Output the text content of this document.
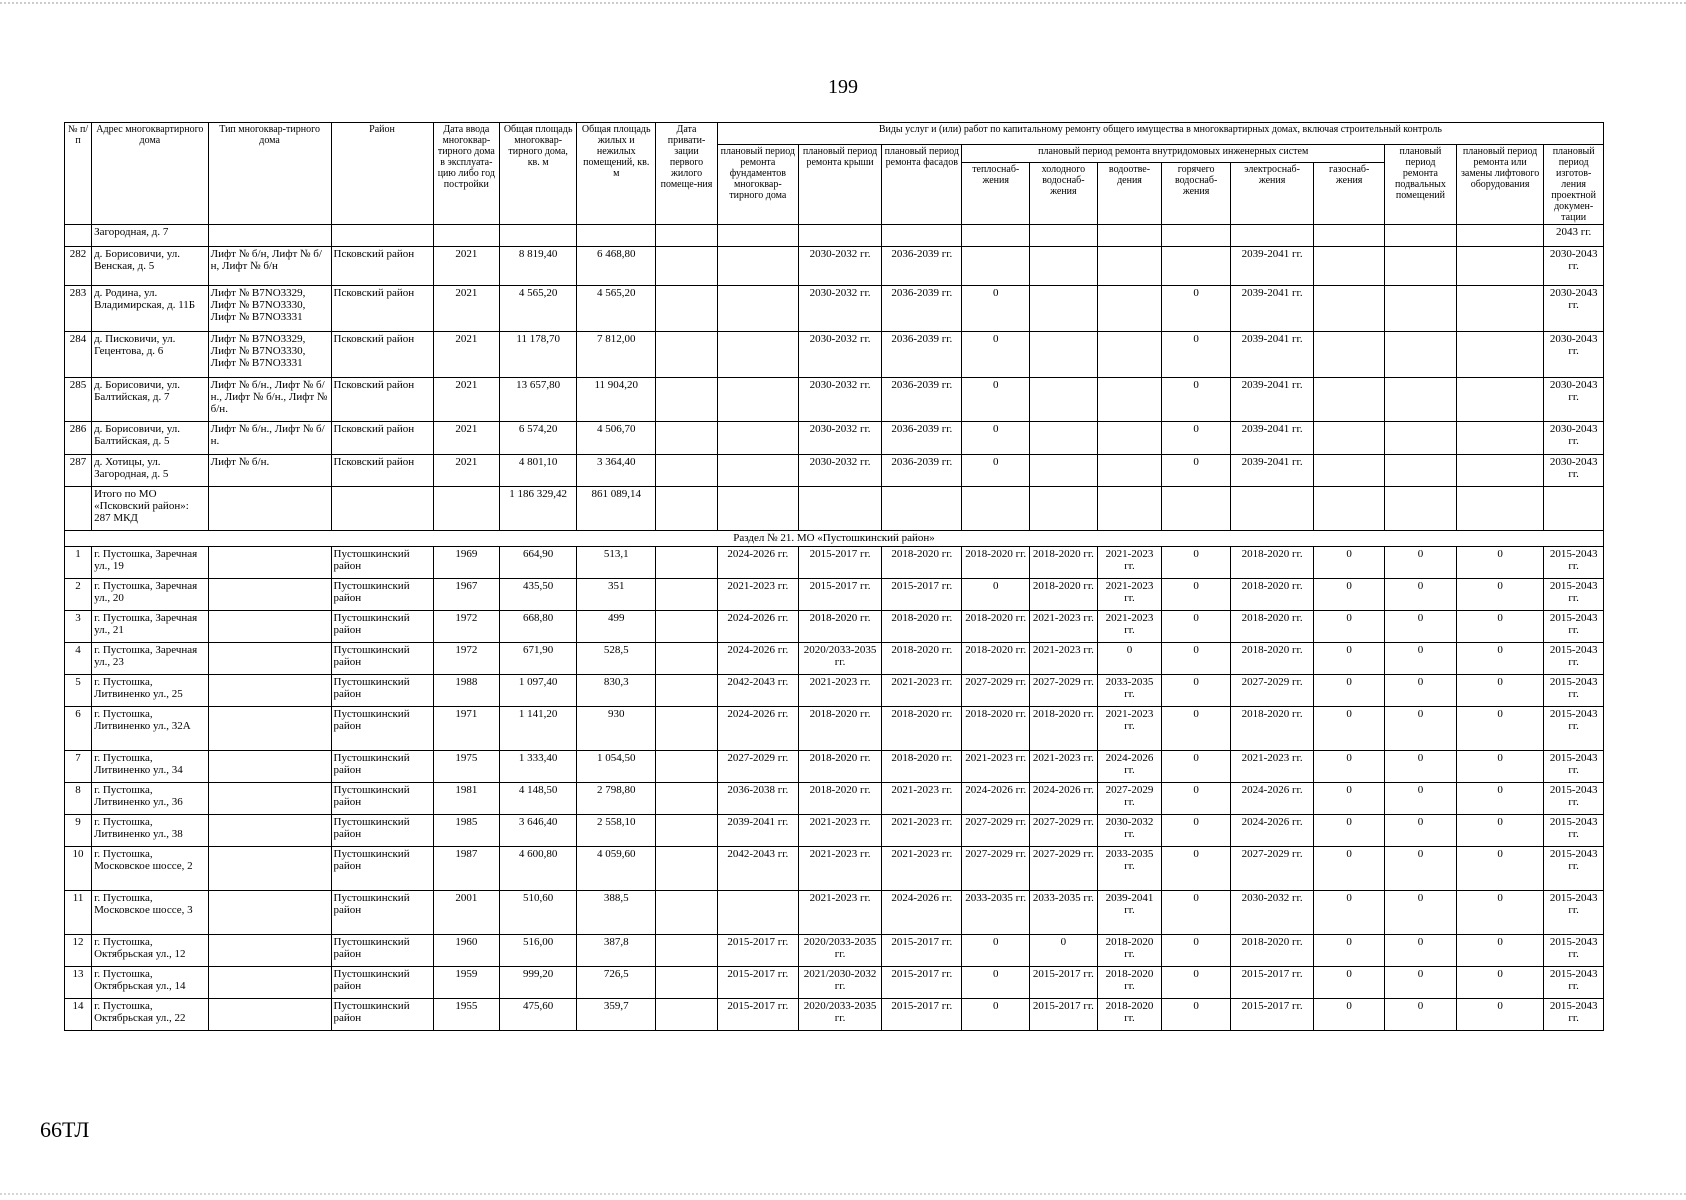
199
№ п/п	Адрес многоквартирного дома	Тип многоквар-тирного дома	Район	Дата ввода многоквар-тирного дома в эксплуата-цию либо год постройки	Общая площадь многоквар-тирного дома, кв. м	Общая площадь жилых и нежилых помещений, кв. м	Дата привати-зации первого жилого помеще-ния	Виды услуг и (или) работ по капитальному ремонту общего имущества в многоквартирных домах, включая строительный контроль											
								плановый период ремонта фундаментов многоквар-тирного дома	плановый период ремонта крыши	плановый период ремонта фасадов	плановый период ремонта внутридомовых инженерных систем						плановый период ремонта подвальных помещений	плановый период ремонта или замены лифтового оборудования	плановый период изготов-ления проектной докумен-тации
											теплоснаб-жения	холодного водоснаб-жения	водоотве-дения	горячего водоснаб-жения	электроснаб-жения	газоснаб-жения			
	Загородная, д. 7																		2043 гг.
282	д. Борисовичи, ул. Венская, д. 5	Лифт № б/н, Лифт № б/н, Лифт № б/н	Псковский район	2021	8 819,40	6 468,80			2030-2032 гг.	2036-2039 гг.					2039-2041 гг.				2030-2043 гг.
283	д. Родина, ул. Владимирская, д. 11Б	Лифт № B7NO3329, Лифт № B7NO3330, Лифт № B7NO3331	Псковский район	2021	4 565,20	4 565,20			2030-2032 гг.	2036-2039 гг.	0			0	2039-2041 гг.				2030-2043 гг.
284	д. Писковичи, ул. Гецентова, д. 6	Лифт № B7NO3329, Лифт № B7NO3330, Лифт № B7NO3331	Псковский район	2021	11 178,70	7 812,00			2030-2032 гг.	2036-2039 гг.	0			0	2039-2041 гг.				2030-2043 гг.
285	д. Борисовичи, ул. Балтийская, д. 7	Лифт № б/н., Лифт № б/н., Лифт № б/н., Лифт № б/н.	Псковский район	2021	13 657,80	11 904,20			2030-2032 гг.	2036-2039 гг.	0			0	2039-2041 гг.				2030-2043 гг.
286	д. Борисовичи, ул. Балтийская, д. 5	Лифт № б/н., Лифт № б/н.	Псковский район	2021	6 574,20	4 506,70			2030-2032 гг.	2036-2039 гг.	0			0	2039-2041 гг.				2030-2043 гг.
287	д. Хотицы, ул. Загородная, д. 5	Лифт № б/н.	Псковский район	2021	4 801,10	3 364,40			2030-2032 гг.	2036-2039 гг.	0			0	2039-2041 гг.				2030-2043 гг.
	Итого по МО «Псковский район»: 287 МКД				1 186 329,42	861 089,14													
Раздел № 21. МО «Пустошкинский район»																			
1	г. Пустошка, Заречная ул., 19		Пустошкинский район	1969	664,90	513,1		2024-2026 гг.	2015-2017 гг.	2018-2020 гг.	2018-2020 гг.	2018-2020 гг.	2021-2023 гг.	0	2018-2020 гг.	0	0	0	2015-2043 гг.
2	г. Пустошка, Заречная ул., 20		Пустошкинский район	1967	435,50	351		2021-2023 гг.	2015-2017 гг.	2015-2017 гг.	0	2018-2020 гг.	2021-2023 гг.	0	2018-2020 гг.	0	0	0	2015-2043 гг.
3	г. Пустошка, Заречная ул., 21		Пустошкинский район	1972	668,80	499		2024-2026 гг.	2018-2020 гг.	2018-2020 гг.	2018-2020 гг.	2021-2023 гг.	2021-2023 гг.	0	2018-2020 гг.	0	0	0	2015-2043 гг.
4	г. Пустошка, Заречная ул., 23		Пустошкинский район	1972	671,90	528,5		2024-2026 гг.	2020/2033-2035 гг.	2018-2020 гг.	2018-2020 гг.	2021-2023 гг.	0	0	2018-2020 гг.	0	0	0	2015-2043 гг.
5	г. Пустошка, Литвиненко ул., 25		Пустошкинский район	1988	1 097,40	830,3		2042-2043 гг.	2021-2023 гг.	2021-2023 гг.	2027-2029 гг.	2027-2029 гг.	2033-2035 гг.	0	2027-2029 гг.	0	0	0	2015-2043 гг.
6	г. Пустошка, Литвиненко ул., 32А		Пустошкинский район	1971	1 141,20	930		2024-2026 гг.	2018-2020 гг.	2018-2020 гг.	2018-2020 гг.	2018-2020 гг.	2021-2023 гг.	0	2018-2020 гг.	0	0	0	2015-2043 гг.
7	г. Пустошка, Литвиненко ул., 34		Пустошкинский район	1975	1 333,40	1 054,50		2027-2029 гг.	2018-2020 гг.	2018-2020 гг.	2021-2023 гг.	2021-2023 гг.	2024-2026 гг.	0	2021-2023 гг.	0	0	0	2015-2043 гг.
8	г. Пустошка, Литвиненко ул., 36		Пустошкинский район	1981	4 148,50	2 798,80		2036-2038 гг.	2018-2020 гг.	2021-2023 гг.	2024-2026 гг.	2024-2026 гг.	2027-2029 гг.	0	2024-2026 гг.	0	0	0	2015-2043 гг.
9	г. Пустошка, Литвиненко ул., 38		Пустошкинский район	1985	3 646,40	2 558,10		2039-2041 гг.	2021-2023 гг.	2021-2023 гг.	2027-2029 гг.	2027-2029 гг.	2030-2032 гг.	0	2024-2026 гг.	0	0	0	2015-2043 гг.
10	г. Пустошка, Московское шоссе, 2		Пустошкинский район	1987	4 600,80	4 059,60		2042-2043 гг.	2021-2023 гг.	2021-2023 гг.	2027-2029 гг.	2027-2029 гг.	2033-2035 гг.	0	2027-2029 гг.	0	0	0	2015-2043 гг.
11	г. Пустошка, Московское шоссе, 3		Пустошкинский район	2001	510,60	388,5			2021-2023 гг.	2024-2026 гг.	2033-2035 гг.	2033-2035 гг.	2039-2041 гг.	0	2030-2032 гг.	0	0	0	2015-2043 гг.
12	г. Пустошка, Октябрьская ул., 12		Пустошкинский район	1960	516,00	387,8		2015-2017 гг.	2020/2033-2035 гг.	2015-2017 гг.	0	0	2018-2020 гг.	0	2018-2020 гг.	0	0	0	2015-2043 гг.
13	г. Пустошка, Октябрьская ул., 14		Пустошкинский район	1959	999,20	726,5		2015-2017 гг.	2021/2030-2032 гг.	2015-2017 гг.	0	2015-2017 гг.	2018-2020 гг.	0	2015-2017 гг.	0	0	0	2015-2043 гг.
14	г. Пустошка, Октябрьская ул., 22		Пустошкинский район	1955	475,60	359,7		2015-2017 гг.	2020/2033-2035 гг.	2015-2017 гг.	0	2015-2017 гг.	2018-2020 гг.	0	2015-2017 гг.	0	0	0	2015-2043 гг.
66ТЛ
